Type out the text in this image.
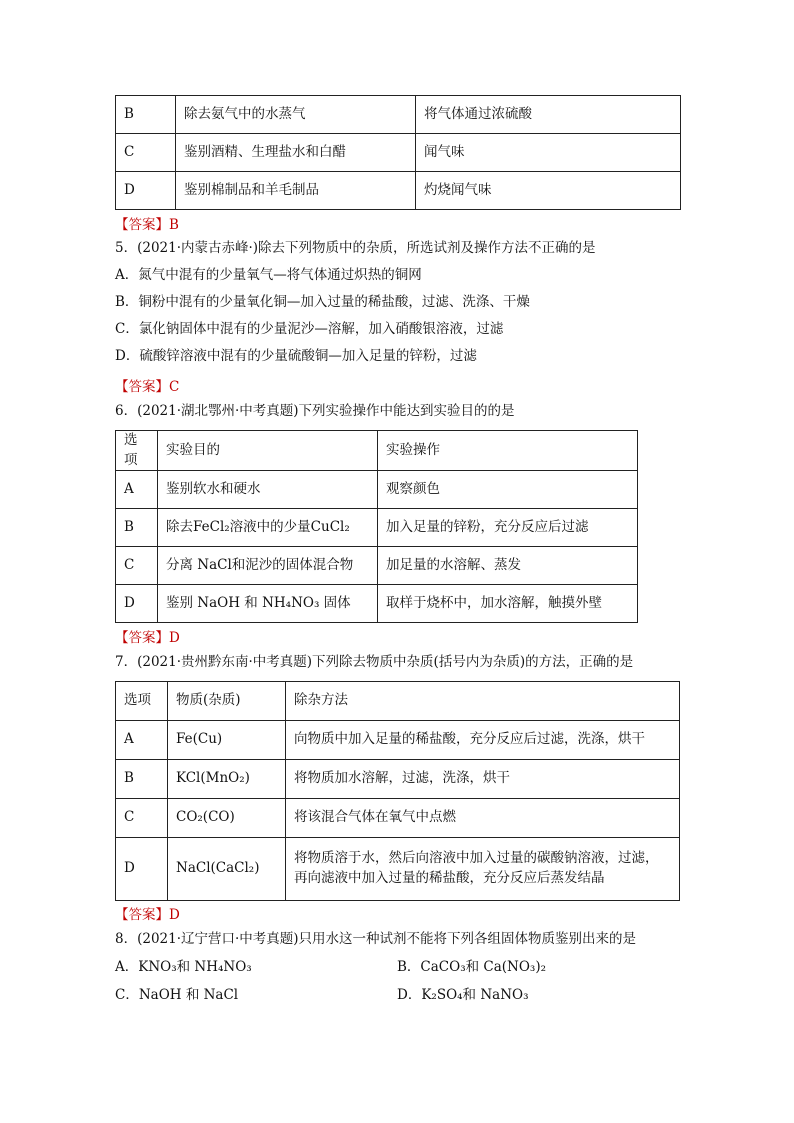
B	除去氨气中的水蒸气	将气体通过浓硫酸
C	鉴别酒精、生理盐水和白醋	闻气味
D	鉴别棉制品和羊毛制品	灼烧闻气味
【答案】B
5．(2021·内蒙古赤峰·)除去下列物质中的杂质，所选试剂及操作方法不正确的是
A．氮气中混有的少量氧气—将气体通过炽热的铜网
B．铜粉中混有的少量氧化铜—加入过量的稀盐酸，过滤、洗涤、干燥
C．氯化钠固体中混有的少量泥沙—溶解，加入硝酸银溶液，过滤
D．硫酸锌溶液中混有的少量硫酸铜—加入足量的锌粉，过滤
【答案】C
6．(2021·湖北鄂州·中考真题)下列实验操作中能达到实验目的的是
选项	实验目的	实验操作
A	鉴别软水和硬水	观察颜色
B	除去FeCl₂溶液中的少量CuCl₂	加入足量的锌粉，充分反应后过滤
C	分离 NaCl和泥沙的固体混合物	加足量的水溶解、蒸发
D	鉴别 NaOH 和 NH₄NO₃ 固体	取样于烧杯中，加水溶解，触摸外壁
【答案】D
7．(2021·贵州黔东南·中考真题)下列除去物质中杂质(括号内为杂质)的方法，正确的是
选项	物质(杂质)	除杂方法
A	Fe(Cu)	向物质中加入足量的稀盐酸，充分反应后过滤，洗涤，烘干
B	KCl(MnO₂)	将物质加水溶解，过滤，洗涤，烘干
C	CO₂(CO)	将该混合气体在氧气中点燃
D	NaCl(CaCl₂)	将物质溶于水，然后向溶液中加入过量的碳酸钠溶液，过滤，再向滤液中加入过量的稀盐酸，充分反应后蒸发结晶
【答案】D
8．(2021·辽宁营口·中考真题)只用水这一种试剂不能将下列各组固体物质鉴别出来的是
A．KNO₃和 NH₄NO₃	B．CaCO₃和 Ca(NO₃)₂
C．NaOH 和 NaCl	D．K₂SO₄和 NaNO₃
